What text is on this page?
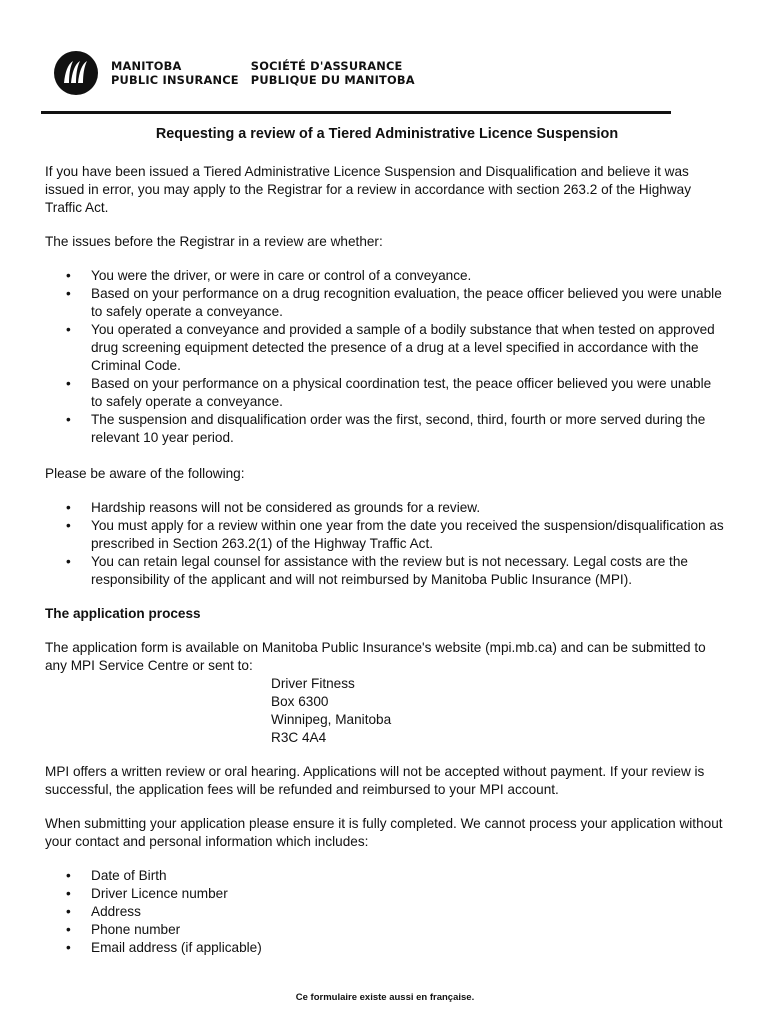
MANITOBA
PUBLIC INSURANCE
SOCIÉTÉ D'ASSURANCE
PUBLIQUE DU MANITOBA
Requesting a review of a Tiered Administrative Licence Suspension

If you have been issued a Tiered Administrative Licence Suspension and Disqualification and believe it was issued in error, you may apply to the Registrar for a review in accordance with section 263.2 of the Highway Traffic Act.

The issues before the Registrar in a review are whether:

• You were the driver, or were in care or control of a conveyance.
• Based on your performance on a drug recognition evaluation, the peace officer believed you were unable to safely operate a conveyance.
• You operated a conveyance and provided a sample of a bodily substance that when tested on approved drug screening equipment detected the presence of a drug at a level specified in accordance with the Criminal Code.
• Based on your performance on a physical coordination test, the peace officer believed you were unable to safely operate a conveyance.
• The suspension and disqualification order was the first, second, third, fourth or more served during the relevant 10 year period.

Please be aware of the following:

• Hardship reasons will not be considered as grounds for a review.
• You must apply for a review within one year from the date you received the suspension/disqualification as prescribed in Section 263.2(1) of the Highway Traffic Act.
• You can retain legal counsel for assistance with the review but is not necessary. Legal costs are the responsibility of the applicant and will not reimbursed by Manitoba Public Insurance (MPI).

The application process

The application form is available on Manitoba Public Insurance's website (mpi.mb.ca) and can be submitted to any MPI Service Centre or sent to:

Driver Fitness
Box 6300
Winnipeg, Manitoba
R3C 4A4

MPI offers a written review or oral hearing. Applications will not be accepted without payment. If your review is successful, the application fees will be refunded and reimbursed to your MPI account.

When submitting your application please ensure it is fully completed. We cannot process your application without your contact and personal information which includes:

• Date of Birth
• Driver Licence number
• Address
• Phone number
• Email address (if applicable)
Ce formulaire existe aussi en française.
